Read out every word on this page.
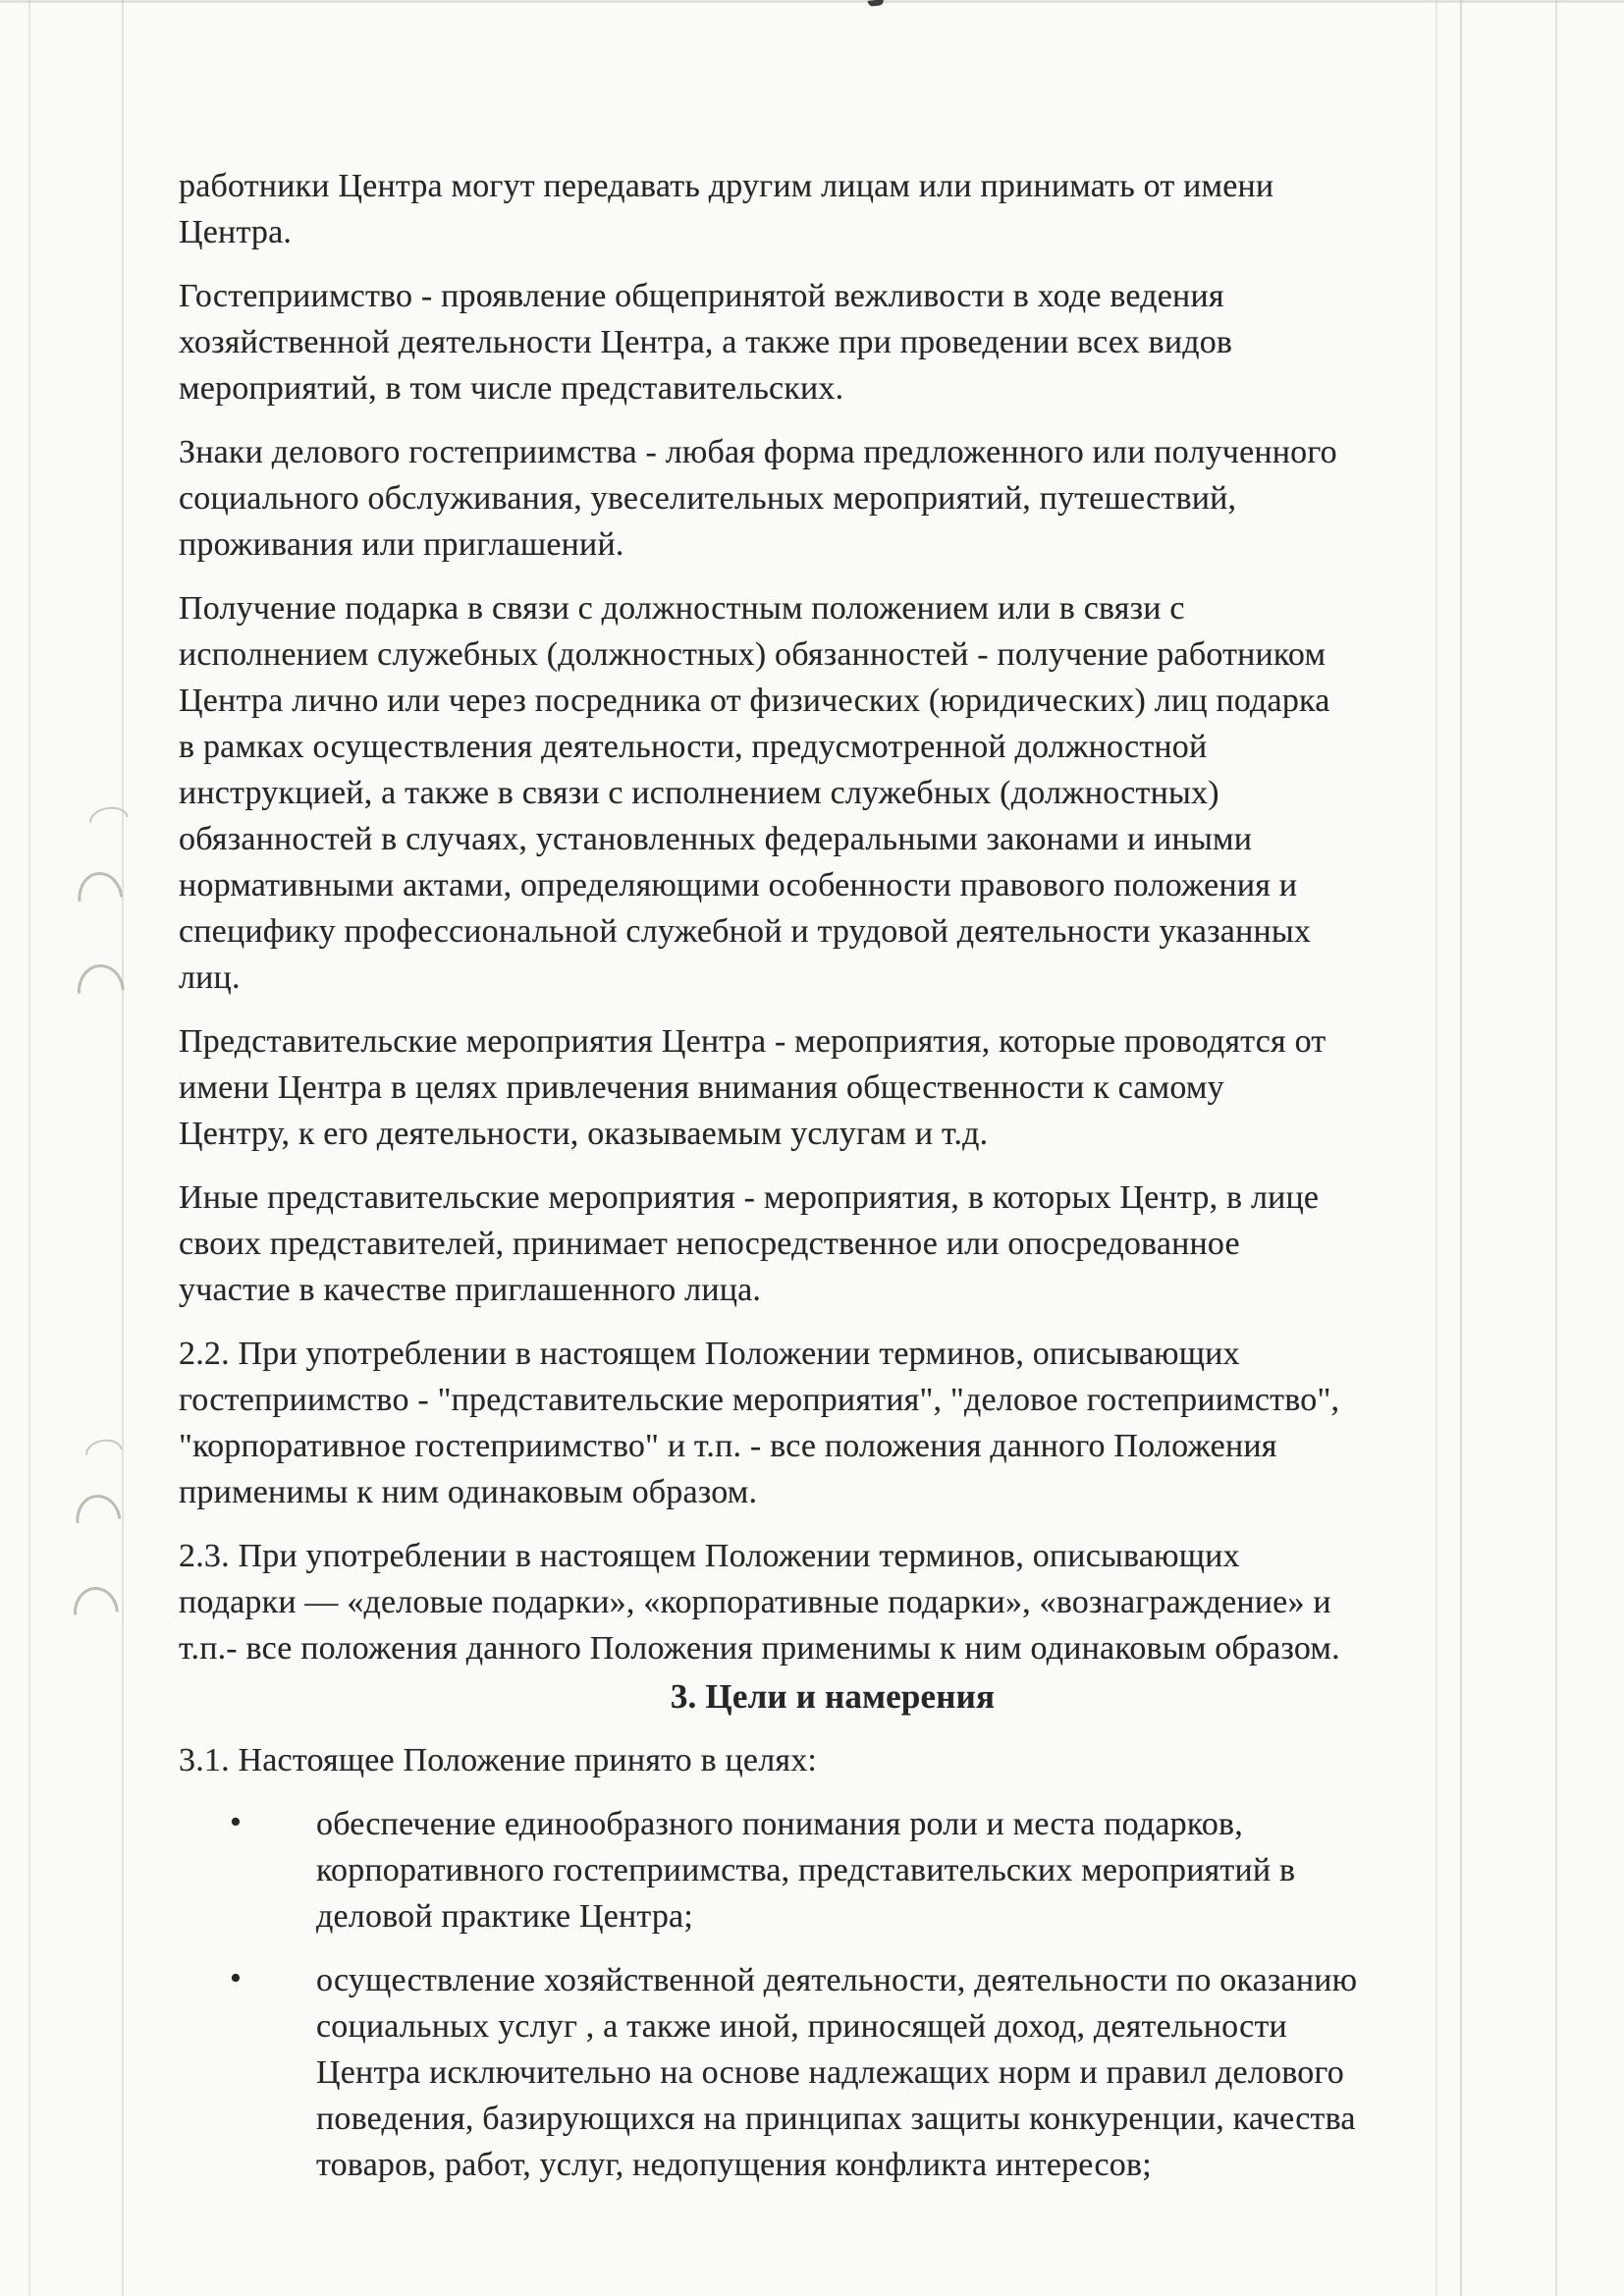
работники Центра могут передавать другим лицам или принимать от имени
Центра.

Гостеприимство - проявление общепринятой вежливости в ходе ведения
хозяйственной деятельности Центра, а также при проведении всех видов
мероприятий, в том числе представительских.

Знаки делового гостеприимства - любая форма предложенного или полученного
социального обслуживания, увеселительных мероприятий, путешествий,
проживания или приглашений.

Получение подарка в связи с должностным положением или в связи с
исполнением служебных (должностных) обязанностей - получение работником
Центра лично или через посредника от физических (юридических) лиц подарка
в рамках осуществления деятельности, предусмотренной должностной
инструкцией, а также в связи с исполнением служебных (должностных)
обязанностей в случаях, установленных федеральными законами и иными
нормативными актами, определяющими особенности правового положения и
специфику профессиональной служебной и трудовой деятельности указанных
лиц.

Представительские мероприятия Центра - мероприятия, которые проводятся от
имени Центра в целях привлечения внимания общественности к самому
Центру, к его деятельности, оказываемым услугам и т.д.

Иные представительские мероприятия - мероприятия, в которых Центр, в лице
своих представителей, принимает непосредственное или опосредованное
участие в качестве приглашенного лица.

2.2. При употреблении в настоящем Положении терминов, описывающих
гостеприимство - "представительские мероприятия", "деловое гостеприимство",
"корпоративное гостеприимство" и т.п. - все положения данного Положения
применимы к ним одинаковым образом.

2.3. При употреблении в настоящем Положении терминов, описывающих
подарки — «деловые подарки», «корпоративные подарки», «вознаграждение» и
т.п.- все положения данного Положения применимы к ним одинаковым образом.

3. Цели и намерения

3.1. Настоящее Положение принято в целях:

• обеспечение единообразного понимания роли и места подарков,
корпоративного гостеприимства, представительских мероприятий в
деловой практике Центра;
• осуществление хозяйственной деятельности, деятельности по оказанию
социальных услуг , а также иной, приносящей доход, деятельности
Центра исключительно на основе надлежащих норм и правил делового
поведения, базирующихся на принципах защиты конкуренции, качества
товаров, работ, услуг, недопущения конфликта интересов;
